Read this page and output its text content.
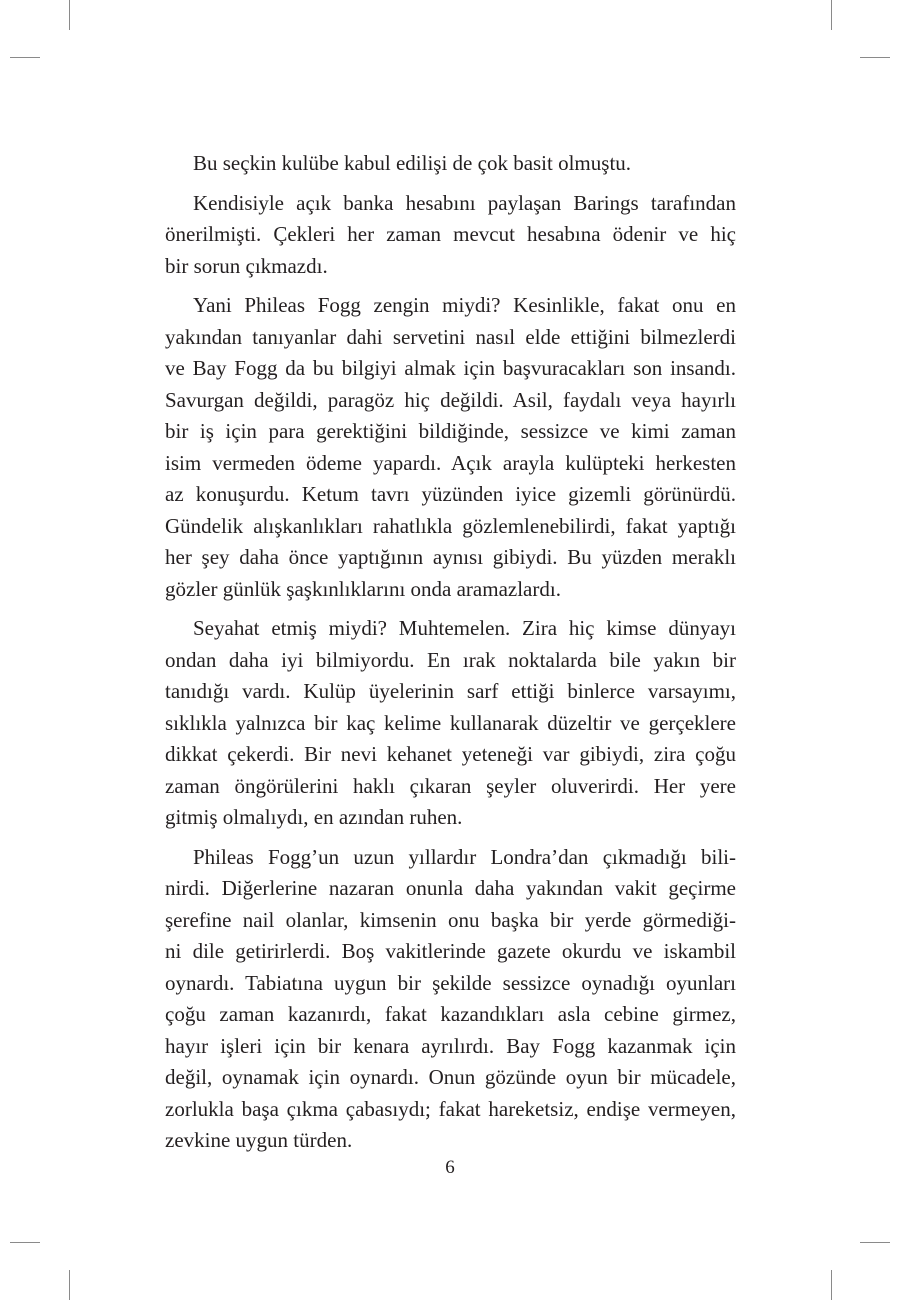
Bu seçkin kulübe kabul edilişi de çok basit olmuştu.

Kendisiyle açık banka hesabını paylaşan Barings tarafından
önerilmişti. Çekleri her zaman mevcut hesabına ödenir ve hiç
bir sorun çıkmazdı.

Yani Phileas Fogg zengin miydi? Kesinlikle, fakat onu en
yakından tanıyanlar dahi servetini nasıl elde ettiğini bilmezlerdi
ve Bay Fogg da bu bilgiyi almak için başvuracakları son insandı.
Savurgan değildi, paragöz hiç değildi. Asil, faydalı veya hayırlı
bir iş için para gerektiğini bildiğinde, sessizce ve kimi zaman
isim vermeden ödeme yapardı. Açık arayla kulüpteki herkesten
az konuşurdu. Ketum tavrı yüzünden iyice gizemli görünürdü.
Gündelik alışkanlıkları rahatlıkla gözlemlenebilirdi, fakat yaptığı
her şey daha önce yaptığının aynısı gibiydi. Bu yüzden meraklı
gözler günlük şaşkınlıklarını onda aramazlardı.

Seyahat etmiş miydi? Muhtemelen. Zira hiç kimse dünyayı
ondan daha iyi bilmiyordu. En ırak noktalarda bile yakın bir
tanıdığı vardı. Kulüp üyelerinin sarf ettiği binlerce varsayımı,
sıklıkla yalnızca bir kaç kelime kullanarak düzeltir ve gerçeklere
dikkat çekerdi. Bir nevi kehanet yeteneği var gibiydi, zira çoğu
zaman öngörülerini haklı çıkaran şeyler oluverirdi. Her yere
gitmiş olmalıydı, en azından ruhen.

Phileas Fogg’un uzun yıllardır Londra’dan çıkmadığı bili-
nirdi. Diğerlerine nazaran onunla daha yakından vakit geçirme
şerefine nail olanlar, kimsenin onu başka bir yerde görmediği-
ni dile getirirlerdi. Boş vakitlerinde gazete okurdu ve iskambil
oynardı. Tabiatına uygun bir şekilde sessizce oynadığı oyunları
çoğu zaman kazanırdı, fakat kazandıkları asla cebine girmez,
hayır işleri için bir kenara ayrılırdı. Bay Fogg kazanmak için
değil, oynamak için oynardı. Onun gözünde oyun bir mücadele,
zorlukla başa çıkma çabasıydı; fakat hareketsiz, endişe vermeyen,
zevkine uygun türden.

6
